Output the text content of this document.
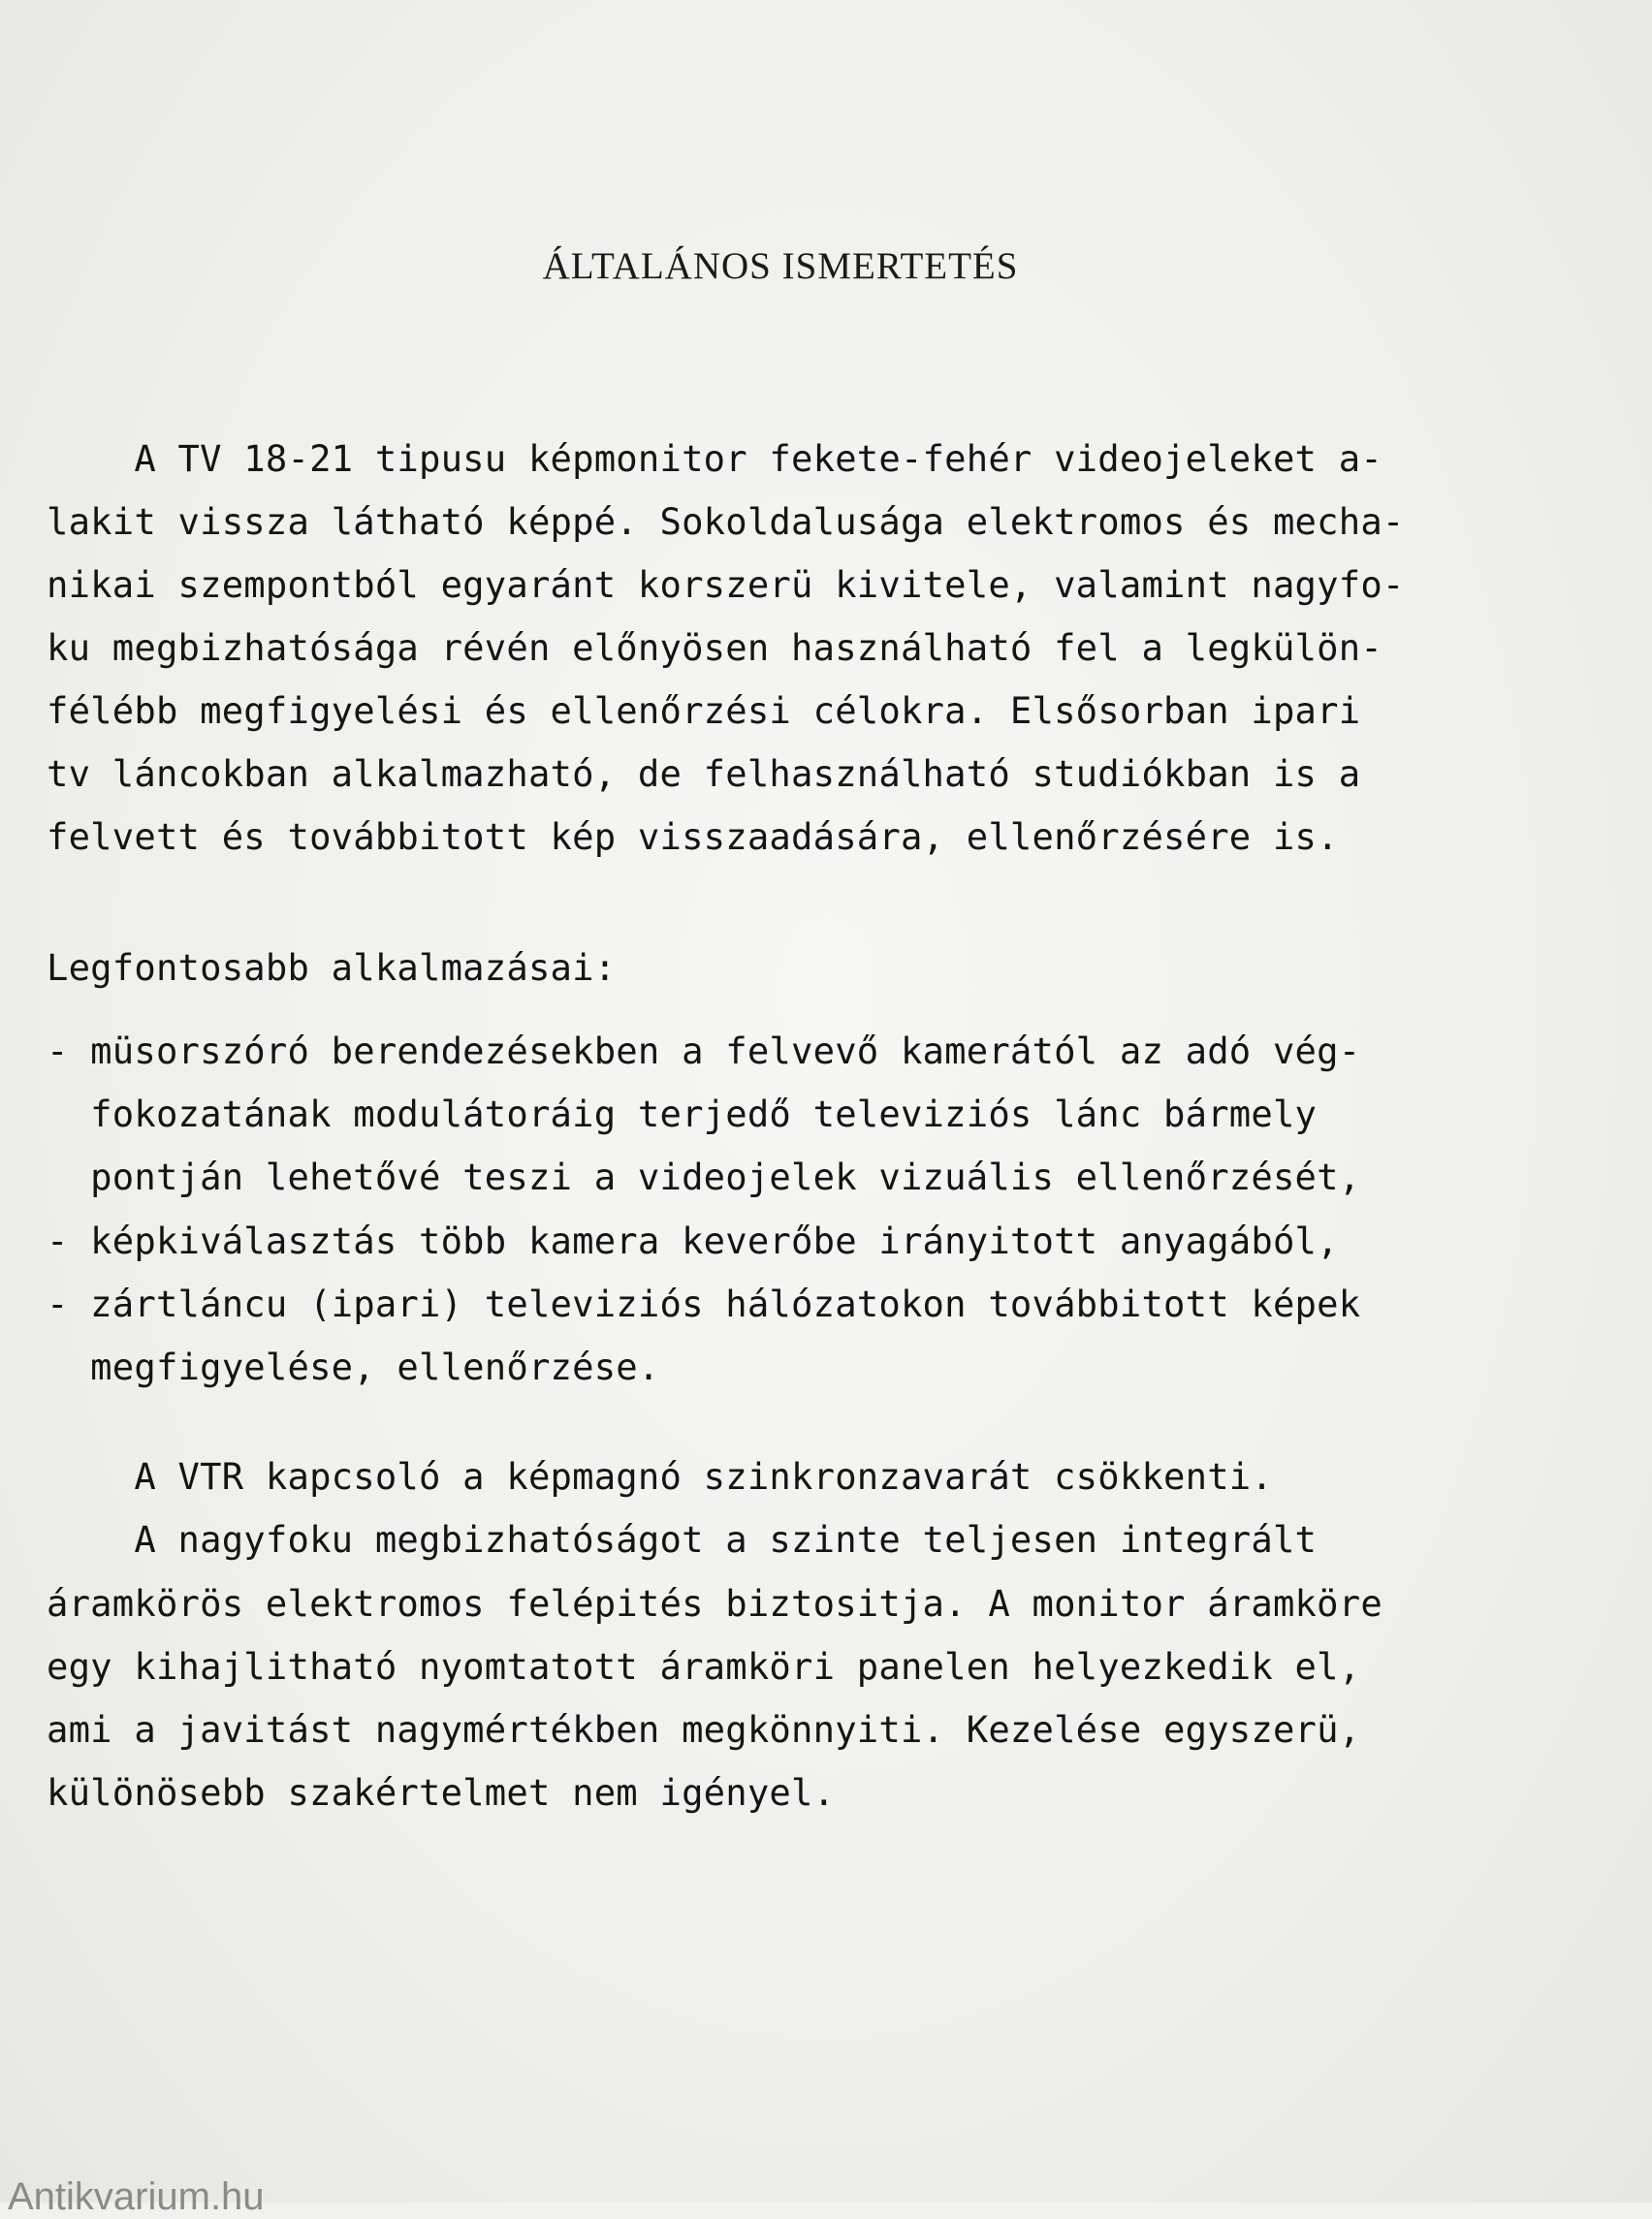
ÁLTALÁNOS ISMERTETÉS
A TV 18-21 tipusu képmonitor fekete-fehér videojeleket a-
lakit vissza látható képpé. Sokoldalusága elektromos és mecha-
nikai szempontból egyaránt korszerü kivitele, valamint nagyfo-
ku megbizhatósága révén előnyösen használható fel a legkülön-
félébb megfigyelési és ellenőrzési célokra. Elsősorban ipari
tv láncokban alkalmazható, de felhasználható studiókban is a
felvett és továbbitott kép visszaadására, ellenőrzésére is.
Legfontosabb alkalmazásai:
- müsorszóró berendezésekben a felvevő kamerától az adó vég-
fokozatának modulátoráig terjedő televiziós lánc bármely
pontján lehetővé teszi a videojelek vizuális ellenőrzését,
- képkiválasztás több kamera keverőbe irányitott anyagából,
- zártláncu (ipari) televiziós hálózatokon továbbitott képek
megfigyelése, ellenőrzése.
A VTR kapcsoló a képmagnó szinkronzavarát csökkenti.
A nagyfoku megbizhatóságot a szinte teljesen integrált
áramkörös elektromos felépités biztositja. A monitor áramköre
egy kihajlitható nyomtatott áramköri panelen helyezkedik el,
ami a javitást nagymértékben megkönnyiti. Kezelése egyszerü,
különösebb szakértelmet nem igényel.
Antikvarium.hu
